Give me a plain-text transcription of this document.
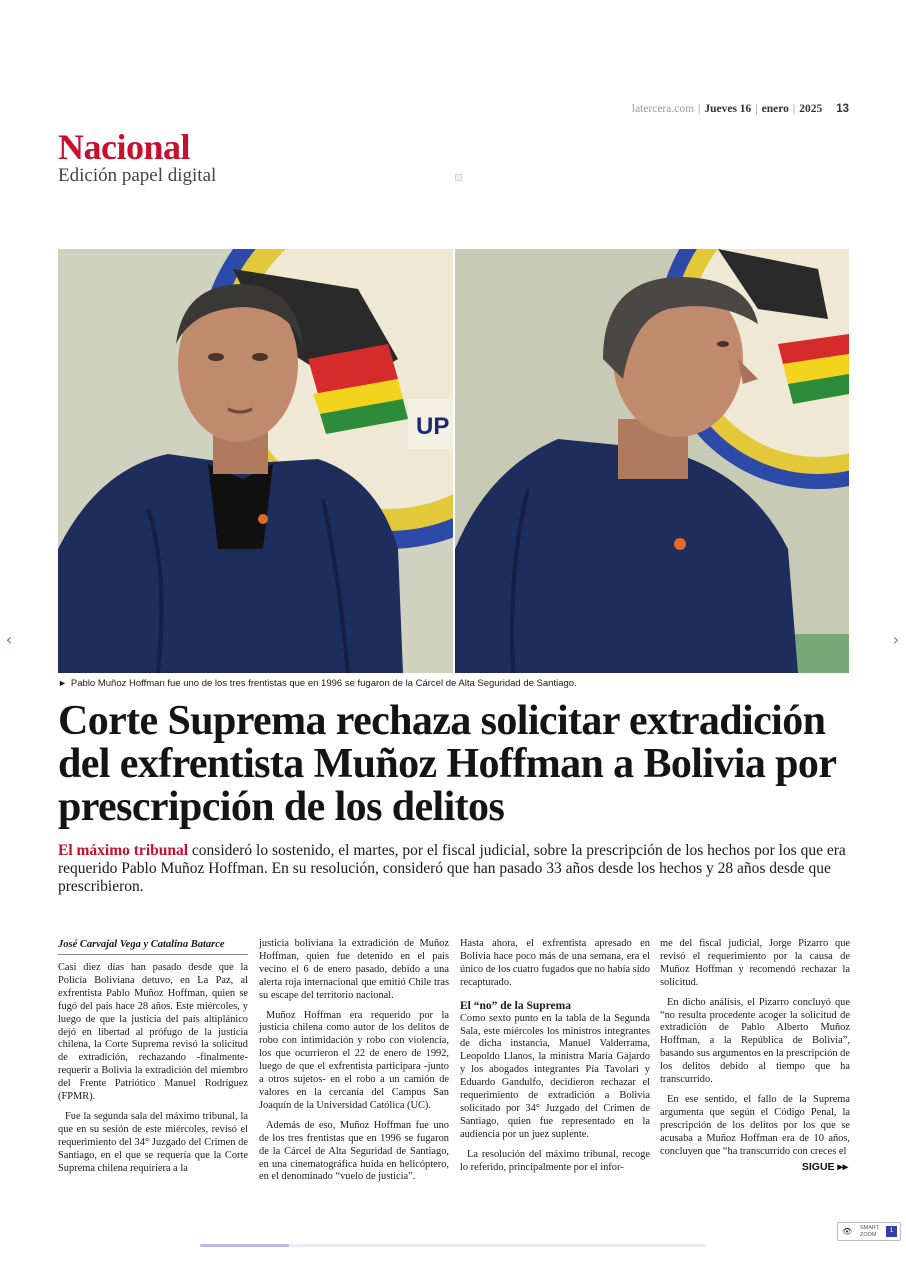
latercera.com | Jueves 16 | enero | 2025 13
Nacional
Edición papel digital
UP
► Pablo Muñoz Hoffman fue uno de los tres frentistas que en 1996 se fugaron de la Cárcel de Alta Seguridad de Santiago.
Corte Suprema rechaza solicitar extradición del exfrentista Muñoz Hoffman a Bolivia por prescripción de los delitos

El máximo tribunal consideró lo sostenido, el martes, por el fiscal judicial, sobre la prescripción de los hechos por los que era requerido Pablo Muñoz Hoffman. En su resolución, consideró que han pasado 33 años desde los hechos y 28 años desde que prescribieron.

José Carvajal Vega y Catalina Batarce

Casi diez días han pasado desde que la Policía Boliviana detuvo, en La Paz, al exfrentista Pablo Muñoz Hoffman, quien se fugó del país hace 28 años. Este miércoles, y luego de que la justicia del país altiplánico dejó en libertad al prófugo de la justicia chilena, la Corte Suprema revisó la solicitud de extradición, rechazando -finalmente- requerir a Bolivia la extradición del miembro del Frente Patriótico Manuel Rodríguez (FPMR).

Fue la segunda sala del máximo tribunal, la que en su sesión de este miércoles, revisó el requerimiento del 34° Juzgado del Crimen de Santiago, en el que se requería que la Corte Suprema chilena requiriera a la

justicia boliviana la extradición de Muñoz Hoffman, quien fue detenido en el país vecino el 6 de enero pasado, debido a una alerta roja internacional que emitió Chile tras su escape del territorio nacional.

Muñoz Hoffman era requerido por la justicia chilena como autor de los delitos de robo con intimidación y robo con violencia, los que ocurrieron el 22 de enero de 1992, luego de que el exfrentista participara -junto a otros sujetos- en el robo a un camión de valores en la cercanía del Campus San Joaquín de la Universidad Católica (UC).

Además de eso, Muñoz Hoffman fue uno de los tres frentistas que en 1996 se fugaron de la Cárcel de Alta Seguridad de Santiago, en una cinematográfica huida en helicóptero, en el denominado “vuelo de justicia”.

Hasta ahora, el exfrentista apresado en Bolivia hace poco más de una semana, era el único de los cuatro fugados que no había sido recapturado.

El “no” de la Suprema

Como sexto punto en la tabla de la Segunda Sala, este miércoles los ministros integrantes de dicha instancia, Manuel Valderrama, Leopoldo Llanos, la ministra María Gajardo y los abogados integrantes Pía Tavolari y Eduardo Gandulfo, decidieron rechazar el requerimiento de extradición a Bolivia solicitado por 34° Juzgado del Crimen de Santiago, quien fue representado en la audiencia por un juez suplente.

La resolución del máximo tribunal, recoge lo referido, principalmente por el infor-

me del fiscal judicial, Jorge Pizarro que revisó el requerimiento por la causa de Muñoz Hoffman y recomendó rechazar la solicitud.

En dicho análisis, el Pizarro concluyó que “no resulta procedente acoger la solicitud de extradición de Pablo Alberto Muñoz Hoffman, a la República de Bolivia”, basando sus argumentos en la prescripción de los delitos debido al tiempo que ha transcurrido.

En ese sentido, el fallo de la Suprema argumenta que según el Código Penal, la prescripción de los delitos por los que se acusaba a Muñoz Hoffman era de 10 años, concluyen que “ha transcurrido con creces el

SIGUE ▸▸
‹	›
👁 SMART
ZOOM
1
